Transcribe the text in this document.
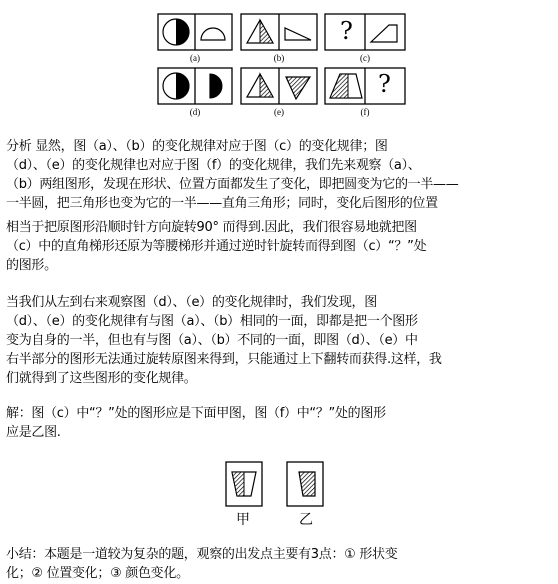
?
?
(a)	(b)	(c)
(d)	(e)	(f)
分析 显然，图（a）、（b）的变化规律对应于图（c）的变化规律；图
（d）、（e）的变化规律也对应于图（f）的变化规律，我们先来观察（a）、
（b）两组图形，发现在形状、位置方面都发生了变化，即把圆变为它的一半——
一半圆，把三角形也变为它的一半——直角三角形；同时，变化后图形的位置
相当于把原图形沿顺时针方向旋转90° 而得到.因此，我们很容易地就把图
（c）中的直角梯形还原为等腰梯形并通过逆时针旋转而得到图（c）“？”处
的图形。
当我们从左到右来观察图（d）、（e）的变化规律时，我们发现，图
（d）、（e）的变化规律有与图（a）、（b）相同的一面，即都是把一个图形
变为自身的一半，但也有与图（a）、（b）不同的一面，即图（d）、（e）中
右半部分的图形无法通过旋转原图来得到，只能通过上下翻转而获得.这样，我
们就得到了这些图形的变化规律。
解：图（c）中“？”处的图形应是下面甲图，图（f）中“？”处的图形
应是乙图.
甲	乙
小结：本题是一道较为复杂的题，观察的出发点主要有3点：① 形状变
化；② 位置变化；③ 颜色变化。
